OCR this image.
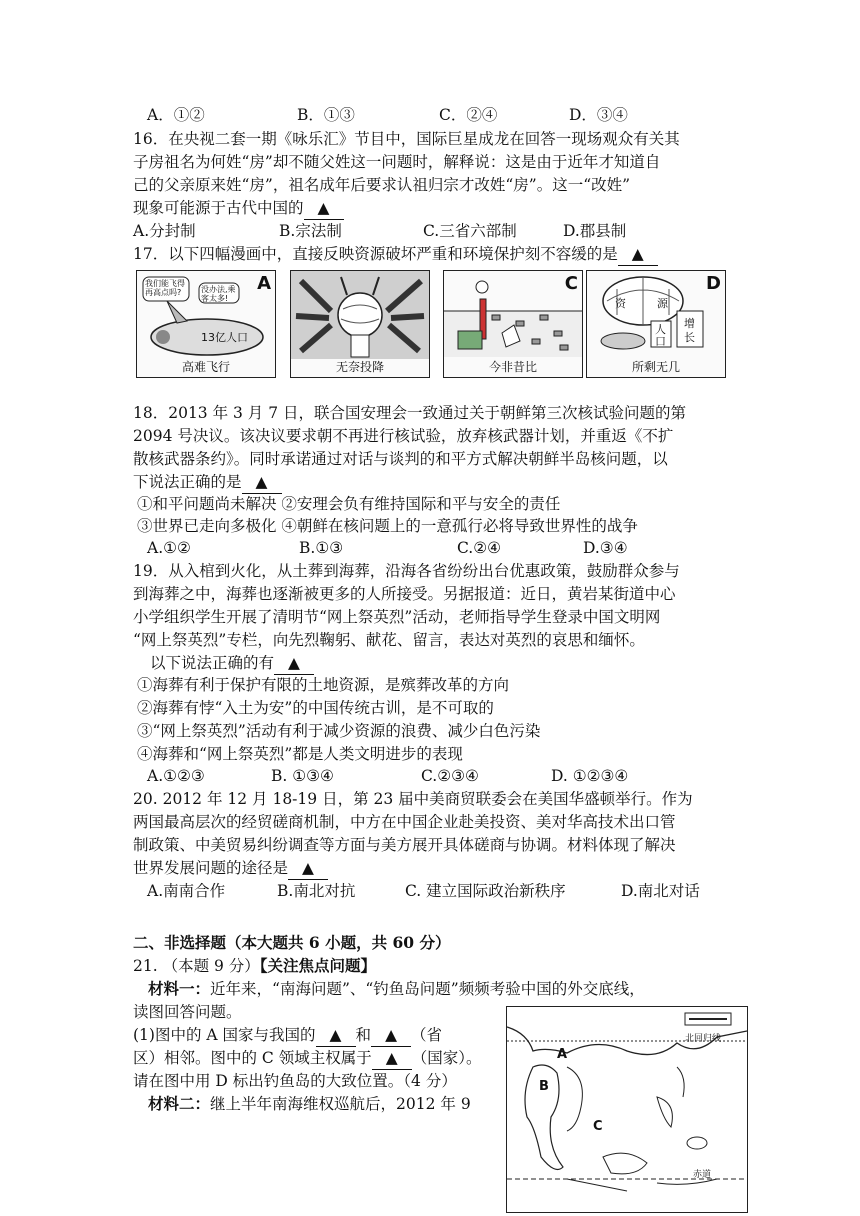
A．①②	B．①③	C．②④	D．③④
16．在央视二套一期《咏乐汇》节目中，国际巨星成龙在回答一现场观众有关其
子房祖名为何姓“房”却不随父姓这一问题时，解释说：这是由于近年才知道自
己的父亲原来姓“房”，祖名成年后要求认祖归宗才改姓“房”。这一“改姓”
现象可能源于古代中国的 ▲
A.分封制	B.宗法制	C.三省六部制	D.郡县制
17．以下四幅漫画中，直接反映资源破坏严重和环境保护刻不容缓的是 ▲
A
我们能飞得再高点吗?	没办法,乘客太多!
13亿人口
高难飞行	无奈投降
C
今非昔比
D
资	源
人
口
增
长
所剩无几
18．2013 年 3 月 7 日，联合国安理会一致通过关于朝鲜第三次核试验问题的第
2094 号决议。该决议要求朝不再进行核试验，放弃核武器计划，并重返《不扩
散核武器条约》。同时承诺通过对话与谈判的和平方式解决朝鲜半岛核问题，以
下说法正确的是 ▲
①和平问题尚未解决 ②安理会负有维持国际和平与安全的责任
③世界已走向多极化 ④朝鲜在核问题上的一意孤行必将导致世界性的战争
A.①②	B.①③	C.②④	D.③④
19．从入棺到火化，从土葬到海葬，沿海各省纷纷出台优惠政策，鼓励群众参与
到海葬之中，海葬也逐渐被更多的人所接受。另据报道：近日，黄岩某街道中心
小学组织学生开展了清明节“网上祭英烈”活动，老师指导学生登录中国文明网
“网上祭英烈”专栏，向先烈鞠躬、献花、留言，表达对英烈的哀思和缅怀。
以下说法正确的有 ▲
①海葬有利于保护有限的土地资源，是殡葬改革的方向
②海葬有悖“入土为安”的中国传统古训，是不可取的
③“网上祭英烈”活动有利于减少资源的浪费、减少白色污染
④海葬和“网上祭英烈”都是人类文明进步的表现
A.①②③	B. ①③④	C.②③④	D. ①②③④
20. 2012 年 12 月 18-19 日，第 23 届中美商贸联委会在美国华盛顿举行。作为
两国最高层次的经贸磋商机制，中方在中国企业赴美投资、美对华高技术出口管
制政策、中美贸易纠纷调查等方面与美方展开具体磋商与协调。材料体现了解决
世界发展问题的途径是 ▲
A.南南合作	B.南北对抗	C. 建立国际政治新秩序	D.南北对话
二、非选择题（本大题共 6 小题，共 60 分）
21. （本题 9 分）【关注焦点问题】
材料一：近年来，“南海问题”、“钓鱼岛问题”频频考验中国的外交底线，
读图回答问题。
(1)图中的 A 国家与我国的 ▲ 和 ▲ （省
区）相邻。图中的 C 领域主权属于 ▲ （国家）。
请在图中用 D 标出钓鱼岛的大致位置。（4 分）
材料二：继上半年南海维权巡航后，2012 年 9
A
B
C
北回归线
赤道
